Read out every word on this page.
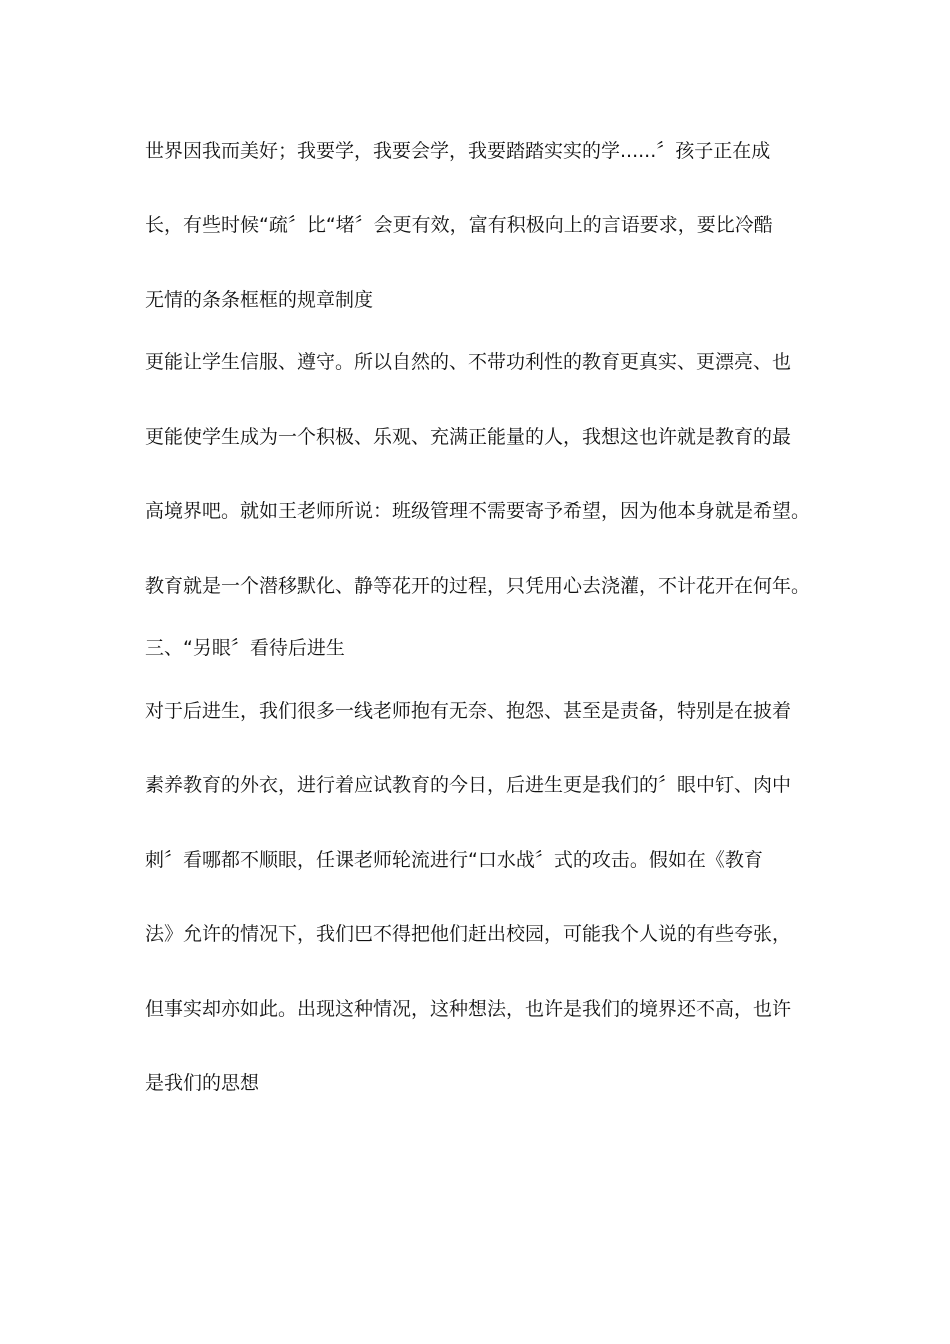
世界因我而美好；我要学，我要会学，我要踏踏实实的学......〞孩子正在成
长，有些时候“疏〞比“堵〞会更有效，富有积极向上的言语要求，要比冷酷
无情的条条框框的规章制度
更能让学生信服、遵守。所以自然的、不带功利性的教育更真实、更漂亮、也
更能使学生成为一个积极、乐观、充满正能量的人，我想这也许就是教育的最
高境界吧。就如王老师所说：班级管理不需要寄予希望，因为他本身就是希望。
教育就是一个潜移默化、静等花开的过程，只凭用心去浇灌，不计花开在何年。
三、“另眼〞看待后进生
对于后进生，我们很多一线老师抱有无奈、抱怨、甚至是责备，特别是在披着
素养教育的外衣，进行着应试教育的今日，后进生更是我们的〞眼中钉、肉中
刺〞看哪都不顺眼，任课老师轮流进行“口水战〞式的攻击。假如在《教育
法》允许的情况下，我们巴不得把他们赶出校园，可能我个人说的有些夸张，
但事实却亦如此。出现这种情况，这种想法，也许是我们的境界还不高，也许
是我们的思想
